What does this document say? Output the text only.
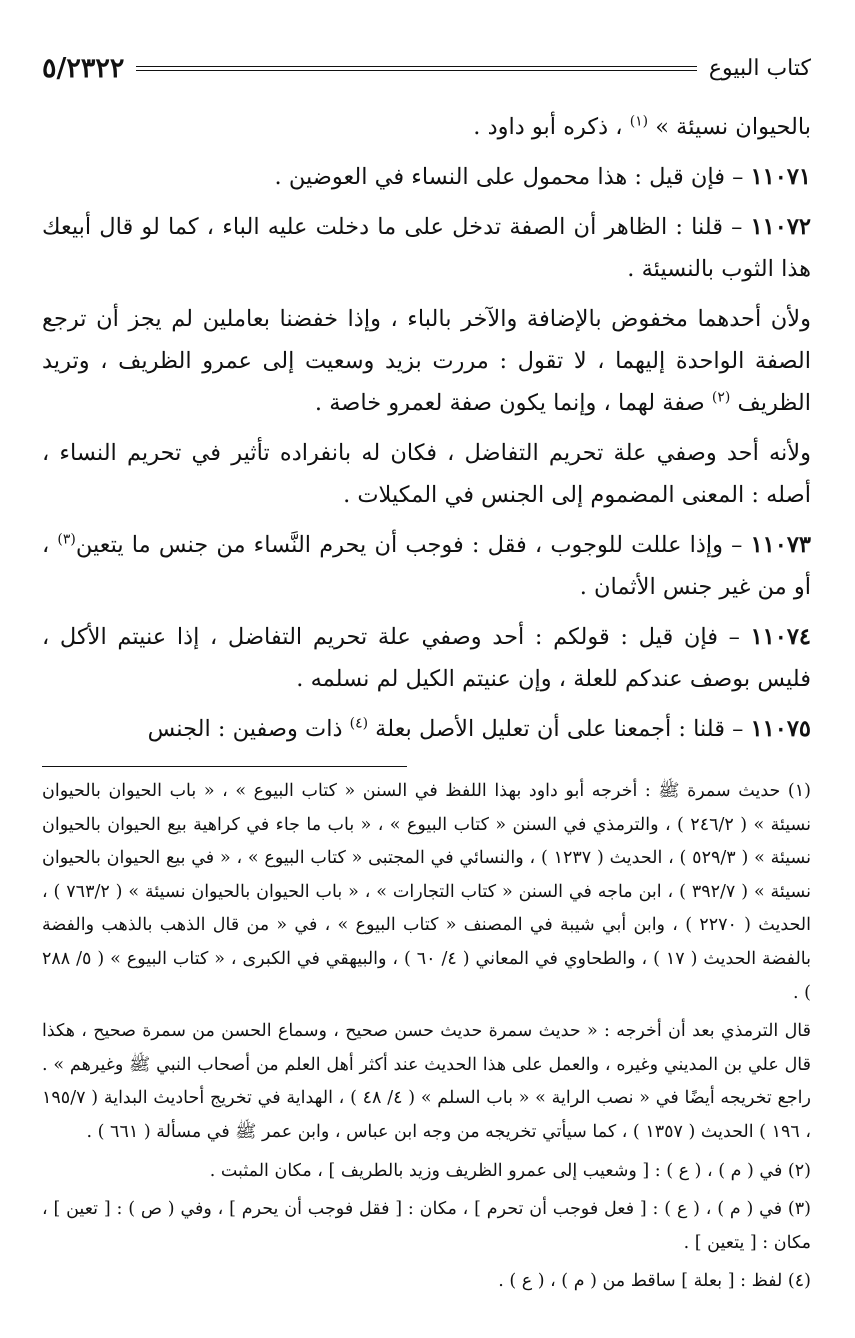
٥/٢٣٢٢	كتاب البيوع

بالحيوان نسيئة » $^{(١)}$ ، ذكره أبو داود .

١١٠٧١ – فإن قيل : هذا محمول على النساء في العوضين .

١١٠٧٢ – قلنا : الظاهر أن الصفة تدخل على ما دخلت عليه الباء ، كما لو قال أبيعك هذا الثوب بالنسيئة .

ولأن أحدهما مخفوض بالإضافة والآخر بالباء ، وإذا خفضنا بعاملين لم يجز أن ترجع الصفة الواحدة إليهما ، لا تقول : مررت بزيد وسعيت إلى عمرو الظريف ، وتريد الظريف $^{(٢)}$ صفة لهما ، وإنما يكون صفة لعمرو خاصة .

ولأنه أحد وصفي علة تحريم التفاضل ، فكان له بانفراده تأثير في تحريم النساء ، أصله : المعنى المضموم إلى الجنس في المكيلات .

١١٠٧٣ – وإذا عللت للوجوب ، فقل : فوجب أن يحرم النَّساء من جنس ما يتعين$^{(٣)}$ ، أو من غير جنس الأثمان .

١١٠٧٤ – فإن قيل : قولكم : أحد وصفي علة تحريم التفاضل ، إذا عنيتم الأكل ، فليس بوصف عندكم للعلة ، وإن عنيتم الكيل لم نسلمه .

١١٠٧٥ – قلنا : أجمعنا على أن تعليل الأصل بعلة $^{(٤)}$ ذات وصفين : الجنس

(١) حديث سمرة ﷺ : أخرجه أبو داود بهذا اللفظ في السنن « كتاب البيوع » ، « باب الحيوان بالحيوان نسيئة » ( ٢٤٦/٢ ) ، والترمذي في السنن « كتاب البيوع » ، « باب ما جاء في كراهية بيع الحيوان بالحيوان نسيئة » ( ٥٢٩/٣ ) ، الحديث ( ١٢٣٧ ) ، والنسائي في المجتبى « كتاب البيوع » ، « في بيع الحيوان بالحيوان نسيئة » ( ٣٩٢/٧ ) ، ابن ماجه في السنن « كتاب التجارات » ، « باب الحيوان بالحيوان نسيئة » ( ٧٦٣/٢ ) ، الحديث ( ٢٢٧٠ ) ، وابن أبي شيبة في المصنف « كتاب البيوع » ، في « من قال الذهب بالذهب والفضة بالفضة الحديث ( ١٧ ) ، والطحاوي في المعاني ( ٤/ ٦٠ ) ، والبيهقي في الكبرى ، « كتاب البيوع » ( ٥/ ٢٨٨ ) .

قال الترمذي بعد أن أخرجه : « حديث سمرة حديث حسن صحيح ، وسماع الحسن من سمرة صحيح ، هكذا قال علي بن المديني وغيره ، والعمل على هذا الحديث عند أكثر أهل العلم من أصحاب النبي ﷺ وغيرهم » . راجع تخريجه أيضًا في « نصب الراية » « باب السلم » ( ٤/ ٤٨ ) ، الهداية في تخريج أحاديث البداية ( ١٩٥/٧ ، ١٩٦ ) الحديث ( ١٣٥٧ ) ، كما سيأتي تخريجه من وجه ابن عباس ، وابن عمر ﷺ في مسألة ( ٦٦١ ) .

(٢) في ( م ) ، ( ع ) : [ وشعيب إلى عمرو الظريف وزيد بالطريف ] ، مكان المثبت .

(٣) في ( م ) ، ( ع ) : [ فعل فوجب أن تحرم ] ، مكان : [ فقل فوجب أن يحرم ] ، وفي ( ص ) : [ تعين ] ، مكان : [ يتعين ] .

(٤) لفظ : [ بعلة ] ساقط من ( م ) ، ( ع ) .
